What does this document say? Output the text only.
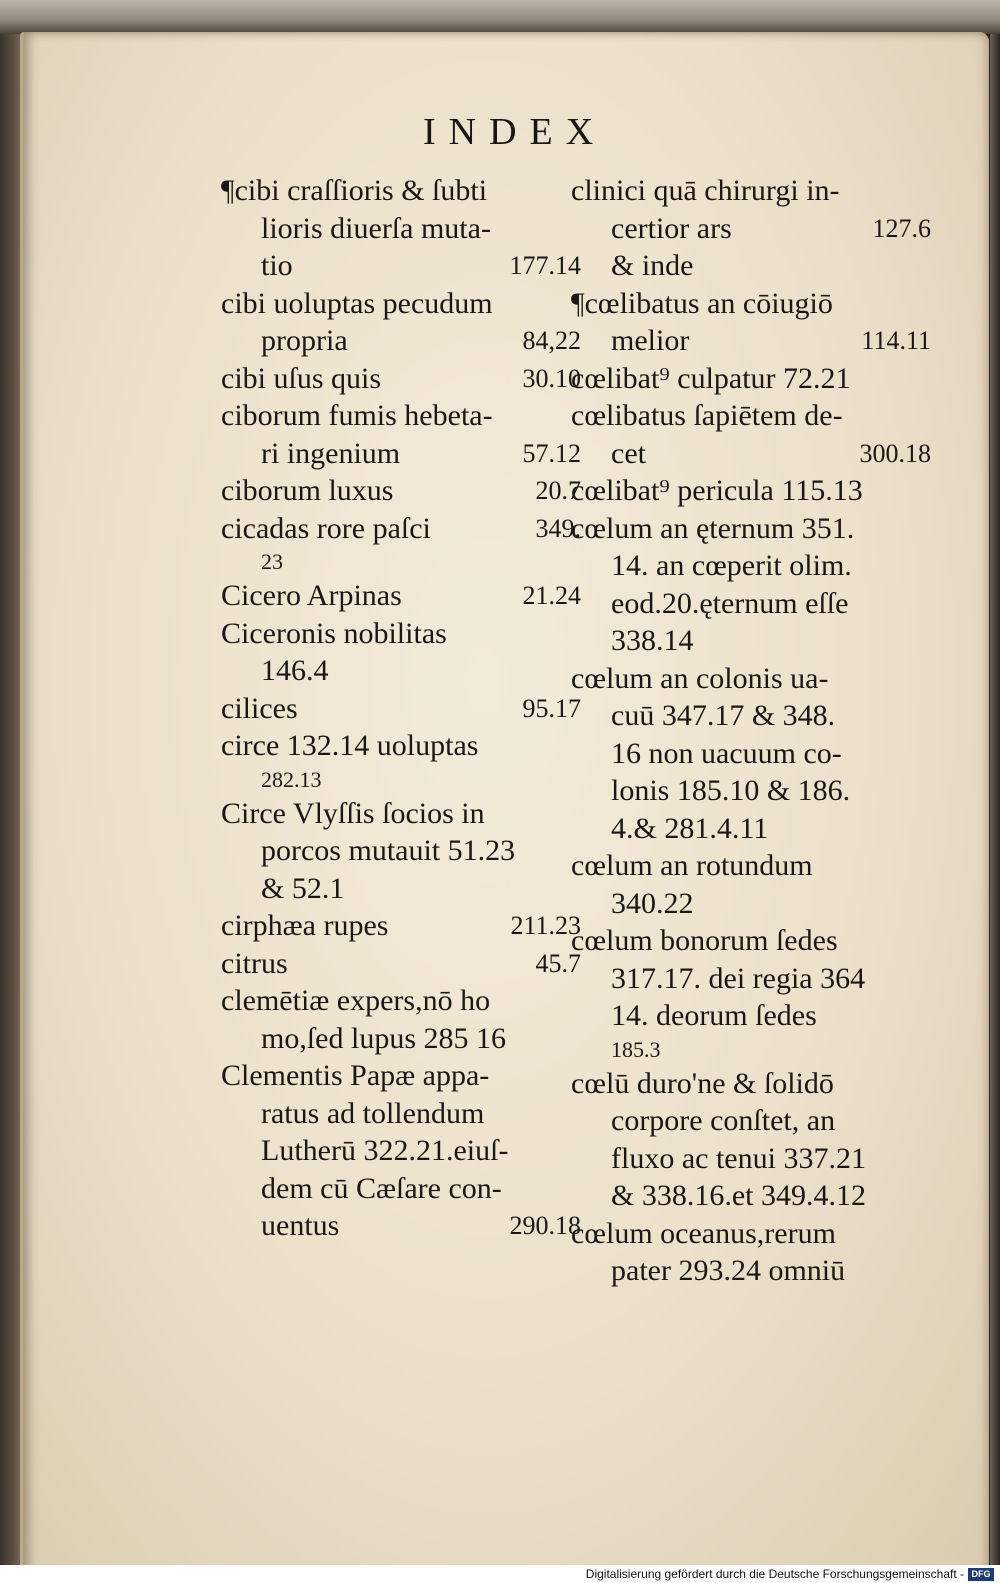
INDEX
¶cibi craſſioris & ſubti
lioris diuerſa muta-
tio	177.14
cibi uoluptas pecudum
propria	84,22
cibi uſus quis	30.10
ciborum fumis hebeta-
ri ingenium	57.12
ciborum luxus	20.7
cicadas rore paſci	349.
23
Cicero Arpinas	21.24
Ciceronis nobilitas
146.4
cilices	95.17
circe 132.14 uoluptas
282.13
Circe Vlyſſis ſocios in
porcos mutauit 51.23
& 52.1
cirphæa rupes	211.23
citrus	45.7
clemētiæ expers,nō ho
mo,ſed lupus 285 16
Clementis Papæ appa-
ratus ad tollendum
Lutherū 322.21.eiuſ-
dem cū Cæſare con-
uentus	290.18
clinici quā chirurgi in-
certior ars	127.6
& inde
¶cœlibatus an cōiugiō
melior	114.11
cœlibat⁹ culpatur 72.21
cœlibatus ſapiētem de-
cet	300.18
cœlibat⁹ pericula 115.13
cœlum an ęternum 351.
14. an cœperit olim.
eod.20.ęternum eſſe
338.14
cœlum an colonis ua-
cuū 347.17 & 348.
16 non uacuum co-
lonis 185.10 & 186.
4.& 281.4.11
cœlum an rotundum
340.22
cœlum bonorum ſedes
317.17. dei regia 364
14. deorum ſedes
185.3
cœlū duro'ne & ſolidō
corpore conſtet, an
fluxo ac tenui 337.21
& 338.16.et 349.4.12
cœlum oceanus,rerum
pater 293.24 omniū
Digitalisierung gefördert durch die Deutsche Forschungsgemeinschaft - DFG
